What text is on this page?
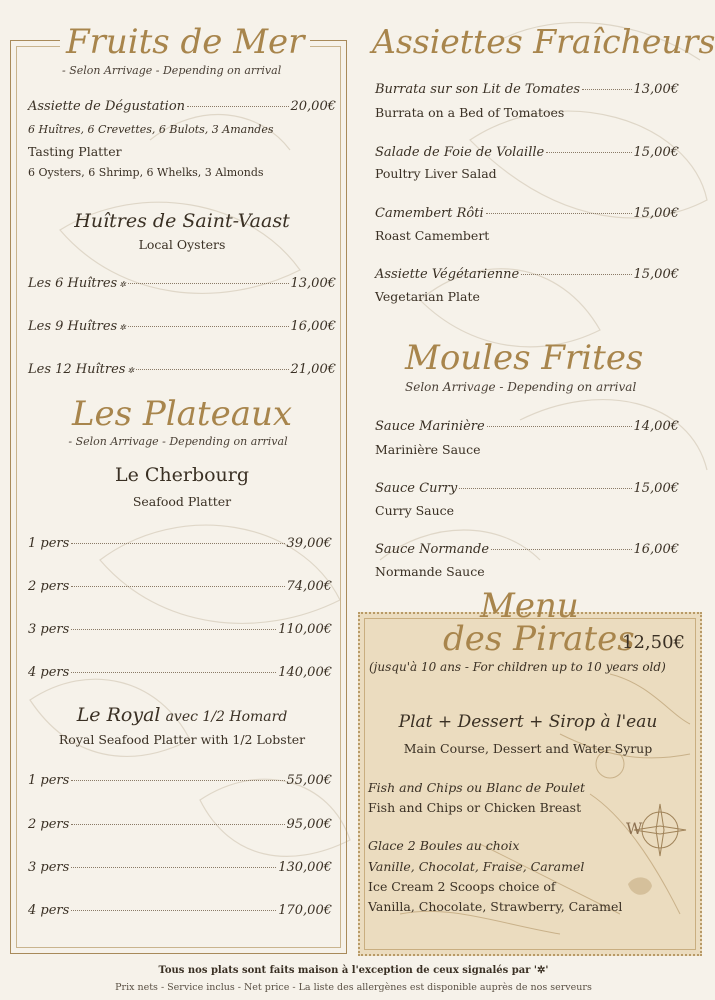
Fruits de Mer
- Selon Arrivage - Depending on arrival
Assiette de Dégustation	20,00€
6 Huîtres, 6 Crevettes, 6 Bulots, 3 Amandes
Tasting Platter
6 Oysters, 6 Shrimp, 6 Whelks, 3 Almonds
Huîtres de Saint-Vaast
Local Oysters
Les 6 Huîtres ✲	13,00€
Les 9 Huîtres ✲	16,00€
Les 12 Huîtres ✲	21,00€
Les Plateaux
- Selon Arrivage - Depending on arrival
Le Cherbourg
Seafood Platter
1 pers	39,00€
2 pers	74,00€
3 pers	110,00€
4 pers	140,00€
Le Royal avec 1/2 Homard
Royal Seafood Platter with 1/2 Lobster
1 pers	55,00€
2 pers	95,00€
3 pers	130,00€
4 pers	170,00€
Assiettes Fraîcheurs
Burrata sur son Lit de Tomates	13,00€
Burrata on a Bed of Tomatoes
Salade de Foie de Volaille	15,00€
Poultry Liver Salad
Camembert Rôti	15,00€
Roast Camembert
Assiette Végétarienne	15,00€
Vegetarian Plate
Moules Frites
Selon Arrivage - Depending on arrival
Sauce Marinière	14,00€
Marinière Sauce
Sauce Curry	15,00€
Curry Sauce
Sauce Normande	16,00€
Normande Sauce
W
Menu
des Pirates
12,50€
(jusqu'à 10 ans - For children up to 10 years old)
Plat + Dessert + Sirop à l'eau
Main Course, Dessert and Water Syrup
Fish and Chips ou Blanc de Poulet
Fish and Chips or Chicken Breast
Glace 2 Boules au choix
Vanille, Chocolat, Fraise, Caramel
Ice Cream 2 Scoops choice of
Vanilla, Chocolate, Strawberry, Caramel
Tous nos plats sont faits maison à l'exception de ceux signalés par '✲'
Prix nets - Service inclus - Net price - La liste des allergènes est disponible auprès de nos serveurs
